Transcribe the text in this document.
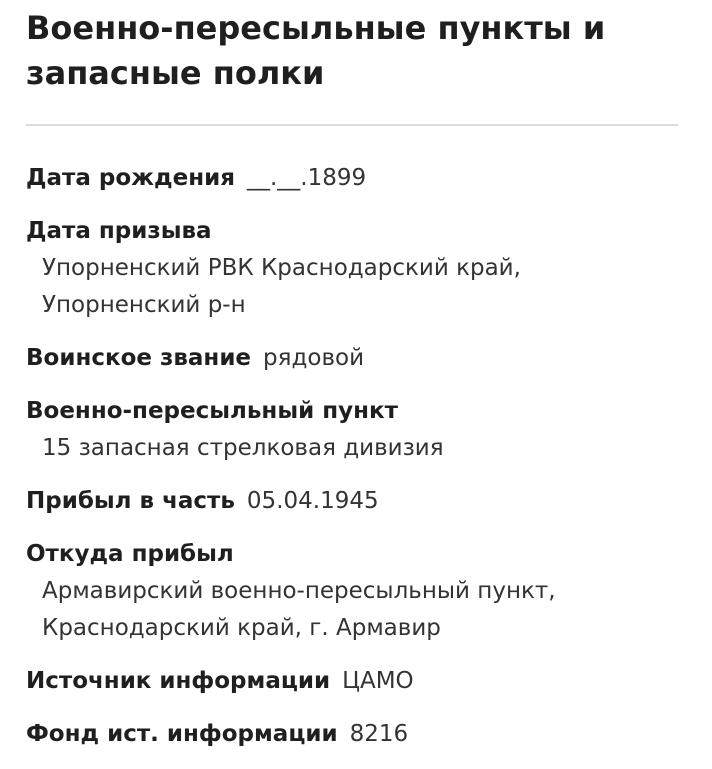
Военно-пересыльные пункты и
запасные полки
Дата рождения __.__.1899
Дата призыва
Упорненский РВК Краснодарский край,
Упорненский р-н
Воинское звание рядовой
Военно-пересыльный пункт
15 запасная стрелковая дивизия
Прибыл в часть 05.04.1945
Откуда прибыл
Армавирский военно-пересыльный пункт,
Краснодарский край, г. Армавир
Источник информации ЦАМО
Фонд ист. информации 8216
